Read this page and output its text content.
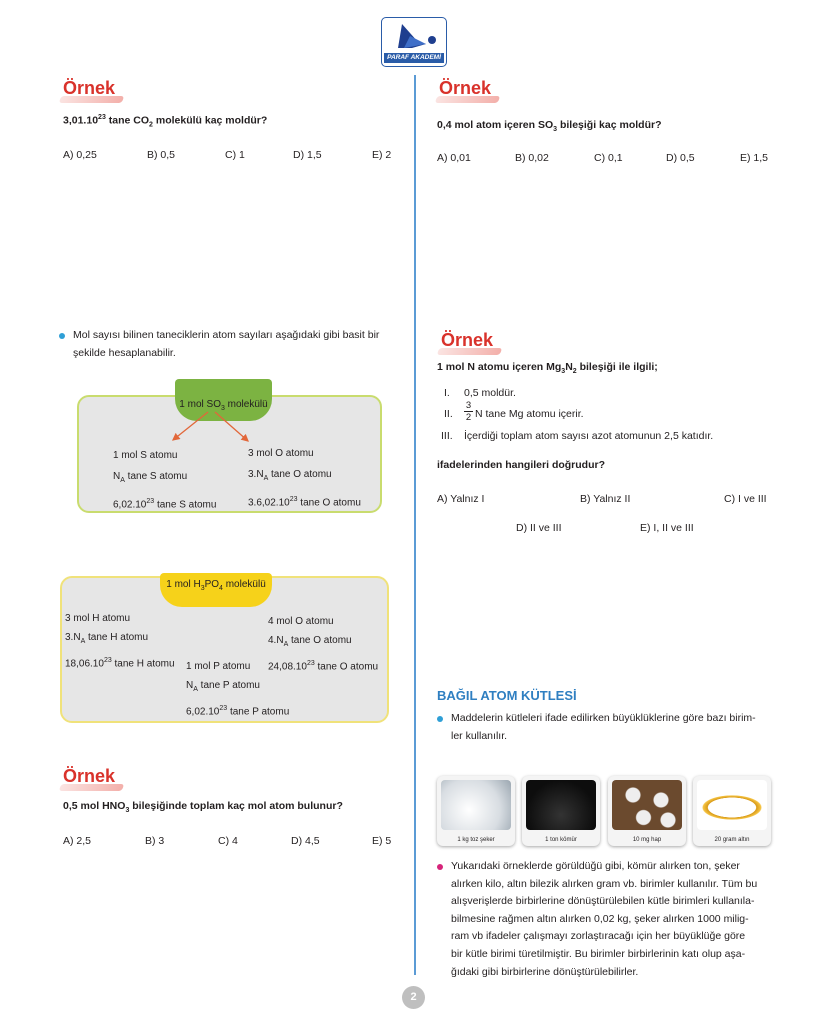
PARAF AKADEMİ
Örnek
3,01.10$^{23}$ tane $CO_2$ molekülü kaç moldür?
Mol sayısı bilinen taneciklerin atom sayıları aşağıdaki gibi basit bir
şekilde hesaplanabilir.
1 mol $SO_3$ molekülü
1 mol S atomu
$N_A$ tane S atomu
6,02.10$^{23}$ tane S atomu
3 mol O atomu
$3.N_A$ tane O atomu
3.6,02.10$^{23}$ tane O atomu
1 mol $H_3PO_4$ molekülü
3 mol H atomu
$3.N_A$ tane H atomu
18,06.10$^{23}$ tane H atomu 1 mol P atomu
$N_A$ tane P atomu
6,02.10$^{23}$ tane P atomu
4 mol O atomu
$4.N_A$ tane O atomu
24,08.10$^{23}$ tane O atomu
Örnek
0,5 mol $HNO_3$ bileşiğinde toplam kaç mol atom bulunur?
Örnek
0,4 mol atom içeren $SO_3$ bileşiği kaç moldür?
Örnek
1 mol N atomu içeren $Mg_3N_2$ bileşiği ile ilgili;
I. 0,5 moldür.
II. $\frac{3}{2}$ N tane Mg atomu içerir.
III. İçerdiği toplam atom sayısı azot atomunun 2,5 katıdır.
ifadelerinden hangileri doğrudur?
A) Yalnız I	B) Yalnız II	C) I ve III
D) II ve III	E) I, II ve III
BAĞIL ATOM KÜTLESİ
Maddelerin kütleleri ifade edilirken büyüklüklerine göre bazı birim-
ler kullanılır.
1 kg toz şeker	1 ton kömür	10 mg hap	20 gram altın
Yukarıdaki örneklerde görüldüğü gibi, kömür alırken ton, şeker
alırken kilo, altın bilezik alırken gram vb. birimler kullanılır. Tüm bu
alışverişlerde birbirlerine dönüştürülebilen kütle birimleri kullanıla-
bilmesine rağmen altın alırken 0,02 kg, şeker alırken 1000 milig-
ram vb ifadeler çalışmayı zorlaştıracağı için her büyüklüğe göre
bir kütle birimi türetilmiştir. Bu birimler birbirlerinin katı olup aşa-
ğıdaki gibi birbirlerine dönüştürülebilirler.
2
A) 0,25	B) 0,5	C) 1	D) 1,5	E) 2
A) 2,5	B) 3	C) 4	D) 4,5	E) 5
A) 0,01	B) 0,02	C) 0,1	D) 0,5	E) 1,5
